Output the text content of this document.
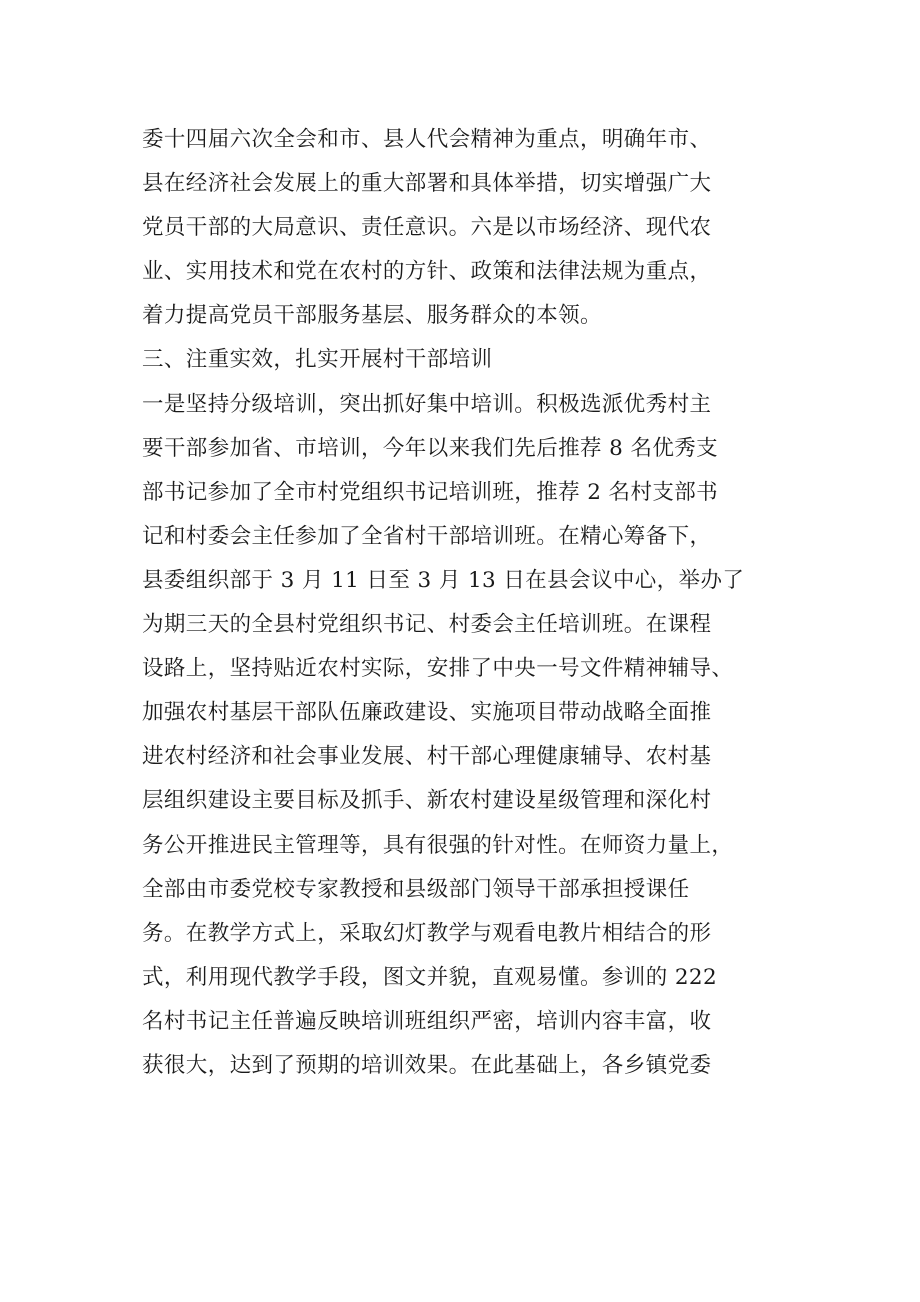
委十四届六次全会和市、县人代会精神为重点，明确年市、
县在经济社会发展上的重大部署和具体举措，切实增强广大
党员干部的大局意识、责任意识。六是以市场经济、现代农
业、实用技术和党在农村的方针、政策和法律法规为重点，
着力提高党员干部服务基层、服务群众的本领。
三、注重实效，扎实开展村干部培训
一是坚持分级培训，突出抓好集中培训。积极选派优秀村主
要干部参加省、市培训，今年以来我们先后推荐 8 名优秀支
部书记参加了全市村党组织书记培训班，推荐 2 名村支部书
记和村委会主任参加了全省村干部培训班。在精心筹备下，
县委组织部于 3 月 11 日至 3 月 13 日在县会议中心，举办了
为期三天的全县村党组织书记、村委会主任培训班。在课程
设路上，坚持贴近农村实际，安排了中央一号文件精神辅导、
加强农村基层干部队伍廉政建设、实施项目带动战略全面推
进农村经济和社会事业发展、村干部心理健康辅导、农村基
层组织建设主要目标及抓手、新农村建设星级管理和深化村
务公开推进民主管理等，具有很强的针对性。在师资力量上，
全部由市委党校专家教授和县级部门领导干部承担授课任
务。在教学方式上，采取幻灯教学与观看电教片相结合的形
式，利用现代教学手段，图文并貌，直观易懂。参训的 222
名村书记主任普遍反映培训班组织严密，培训内容丰富，收
获很大，达到了预期的培训效果。在此基础上，各乡镇党委
